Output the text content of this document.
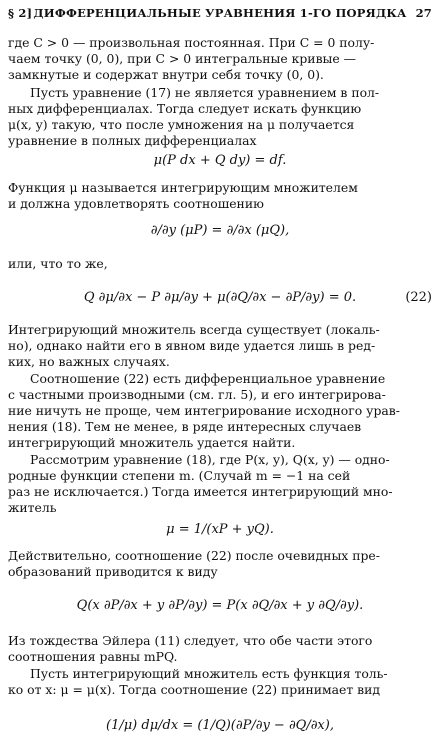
§ 2] ДИФФЕРЕНЦИАЛЬНЫЕ УРАВНЕНИЯ 1-ГО ПОРЯДКА 27
где C > 0 — произвольная постоянная. При C = 0 полу-
чаем точку (0, 0), при C > 0 интегральные кривые —
замкнутые и содержат внутри себя точку (0, 0).
Пусть уравнение (17) не является уравнением в пол-
ных дифференциалах. Тогда следует искать функцию
μ(x, y) такую, что после умножения на μ получается
уравнение в полных дифференциалах
μ(P dx + Q dy) = df.
Функция μ называется интегрирующим множителем
и должна удовлетворять соотношению
∂/∂y (μP) = ∂/∂x (μQ),
или, что то же,
Q ∂μ/∂x − P ∂μ/∂y + μ(∂Q/∂x − ∂P/∂y) = 0.	(22)
Интегрирующий множитель всегда существует (локаль-
но), однако найти его в явном виде удается лишь в ред-
ких, но важных случаях.
Соотношение (22) есть дифференциальное уравнение
с частными производными (см. гл. 5), и его интегрирова-
ние ничуть не проще, чем интегрирование исходного урав-
нения (18). Тем не менее, в ряде интересных случаев
интегрирующий множитель удается найти.
Рассмотрим уравнение (18), где P(x, y), Q(x, y) — одно-
родные функции степени m. (Случай m = −1 на сей
раз не исключается.) Тогда имеется интегрирующий мно-
житель
μ = 1/(xP + yQ).
Действительно, соотношение (22) после очевидных пре-
образований приводится к виду
Q(x ∂P/∂x + y ∂P/∂y) = P(x ∂Q/∂x + y ∂Q/∂y).
Из тождества Эйлера (11) следует, что обе части этого
соотношения равны mPQ.
Пусть интегрирующий множитель есть функция толь-
ко от x: μ = μ(x). Тогда соотношение (22) принимает вид
(1/μ) dμ/dx = (1/Q)(∂P/∂y − ∂Q/∂x),
